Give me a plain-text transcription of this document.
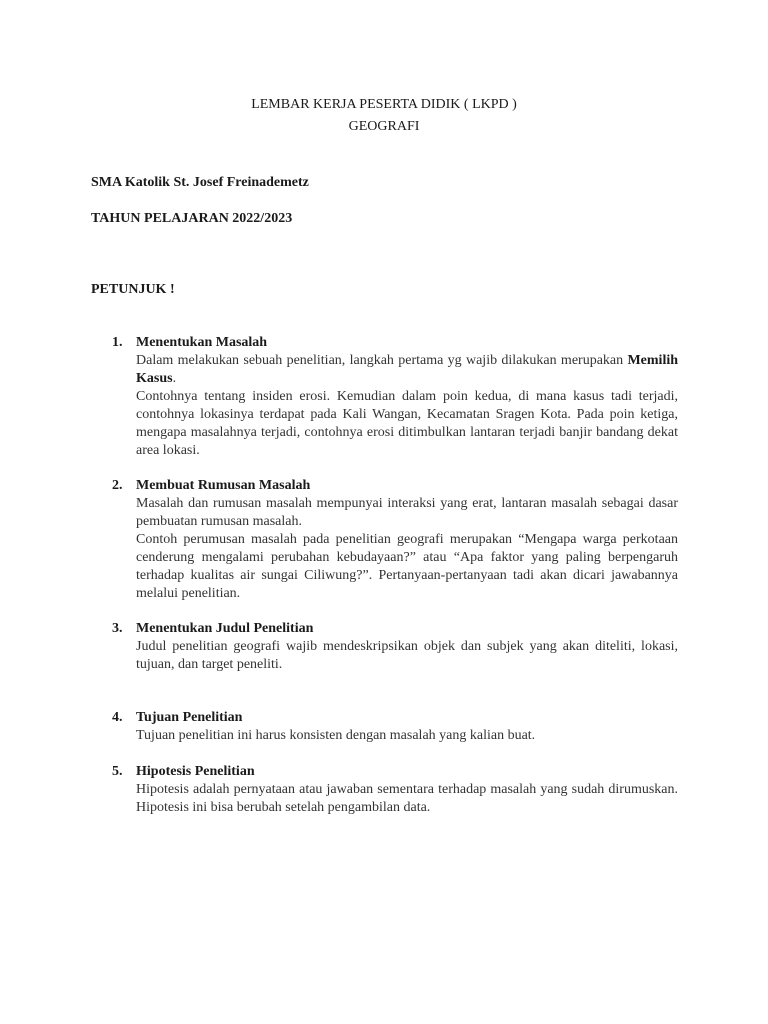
LEMBAR KERJA PESERTA DIDIK ( LKPD )
GEOGRAFI
SMA Katolik St. Josef Freinademetz
TAHUN PELAJARAN 2022/2023
PETUNJUK !
1. Menentukan Masalah
Dalam melakukan sebuah penelitian, langkah pertama yg wajib dilakukan merupakan Memilih Kasus.
Contohnya tentang insiden erosi. Kemudian dalam poin kedua, di mana kasus tadi terjadi, contohnya lokasinya terdapat pada Kali Wangan, Kecamatan Sragen Kota. Pada poin ketiga, mengapa masalahnya terjadi, contohnya erosi ditimbulkan lantaran terjadi banjir bandang dekat area lokasi.
2. Membuat Rumusan Masalah
Masalah dan rumusan masalah mempunyai interaksi yang erat, lantaran masalah sebagai dasar pembuatan rumusan masalah.
Contoh perumusan masalah pada penelitian geografi merupakan “Mengapa warga perkotaan cenderung mengalami perubahan kebudayaan?” atau “Apa faktor yang paling berpengaruh terhadap kualitas air sungai Ciliwung?”. Pertanyaan-pertanyaan tadi akan dicari jawabannya melalui penelitian.
3. Menentukan Judul Penelitian
Judul penelitian geografi wajib mendeskripsikan objek dan subjek yang akan diteliti, lokasi, tujuan, dan target peneliti.
4. Tujuan Penelitian
Tujuan penelitian ini harus konsisten dengan masalah yang kalian buat.
5. Hipotesis Penelitian
Hipotesis adalah pernyataan atau jawaban sementara terhadap masalah yang sudah dirumuskan. Hipotesis ini bisa berubah setelah pengambilan data.
